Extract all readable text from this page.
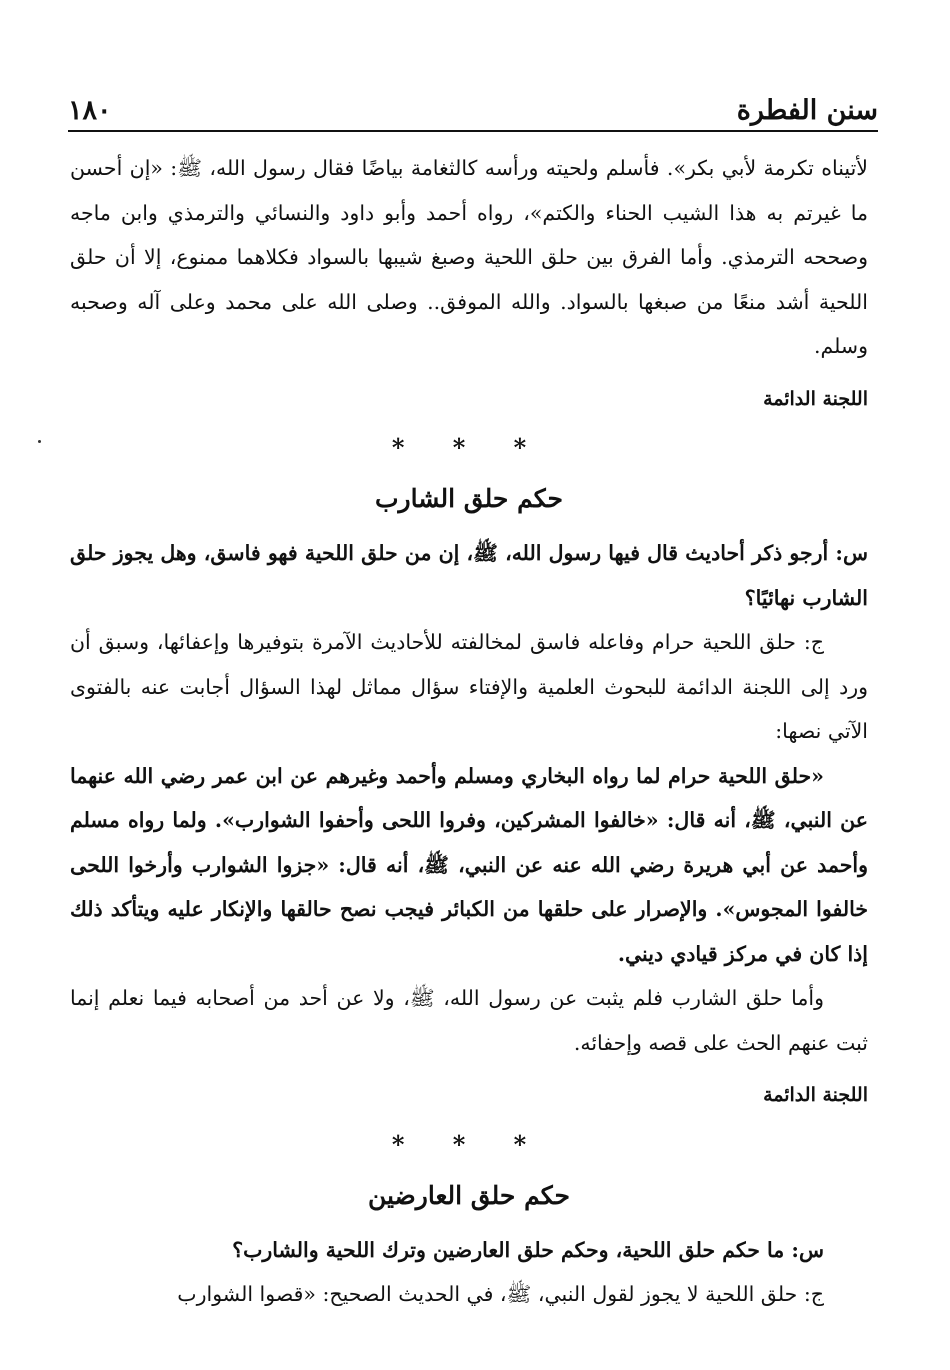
سنن الفطرة
١٨٠

لأتيناه تكرمة لأبي بكر». فأسلم ولحيته ورأسه كالثغامة بياضًا فقال رسول الله، ﷺ: «إن أحسن ما غيرتم به هذا الشيب الحناء والكتم»، رواه أحمد وأبو داود والنسائي والترمذي وابن ماجه وصححه الترمذي. وأما الفرق بين حلق اللحية وصبغ شيبها بالسواد فكلاهما ممنوع، إلا أن حلق اللحية أشد منعًا من صبغها بالسواد. والله الموفق.. وصلى الله على محمد وعلى آله وصحبه وسلم.

اللجنة الدائمة

* * *
حكم حلق الشارب

س: أرجو ذكر أحاديث قال فيها رسول الله، ﷺ، إن من حلق اللحية فهو فاسق، وهل يجوز حلق الشارب نهائيًا؟

ج: حلق اللحية حرام وفاعله فاسق لمخالفته للأحاديث الآمرة بتوفيرها وإعفائها، وسبق أن ورد إلى اللجنة الدائمة للبحوث العلمية والإفتاء سؤال مماثل لهذا السؤال أجابت عنه بالفتوى الآتي نصها:

«حلق اللحية حرام لما رواه البخاري ومسلم وأحمد وغيرهم عن ابن عمر رضي الله عنهما عن النبي، ﷺ، أنه قال: «خالفوا المشركين، وفروا اللحى وأحفوا الشوارب». ولما رواه مسلم وأحمد عن أبي هريرة رضي الله عنه عن النبي، ﷺ، أنه قال: «جزوا الشوارب وأرخوا اللحى خالفوا المجوس». والإصرار على حلقها من الكبائر فيجب نصح حالقها والإنكار عليه ويتأكد ذلك إذا كان في مركز قيادي ديني.

وأما حلق الشارب فلم يثبت عن رسول الله، ﷺ، ولا عن أحد من أصحابه فيما نعلم إنما ثبت عنهم الحث على قصه وإحفائه.

اللجنة الدائمة

* * *
حكم حلق العارضين

س: ما حكم حلق اللحية، وحكم حلق العارضين وترك اللحية والشارب؟

ج: حلق اللحية لا يجوز لقول النبي، ﷺ، في الحديث الصحيح: «قصوا الشوارب
